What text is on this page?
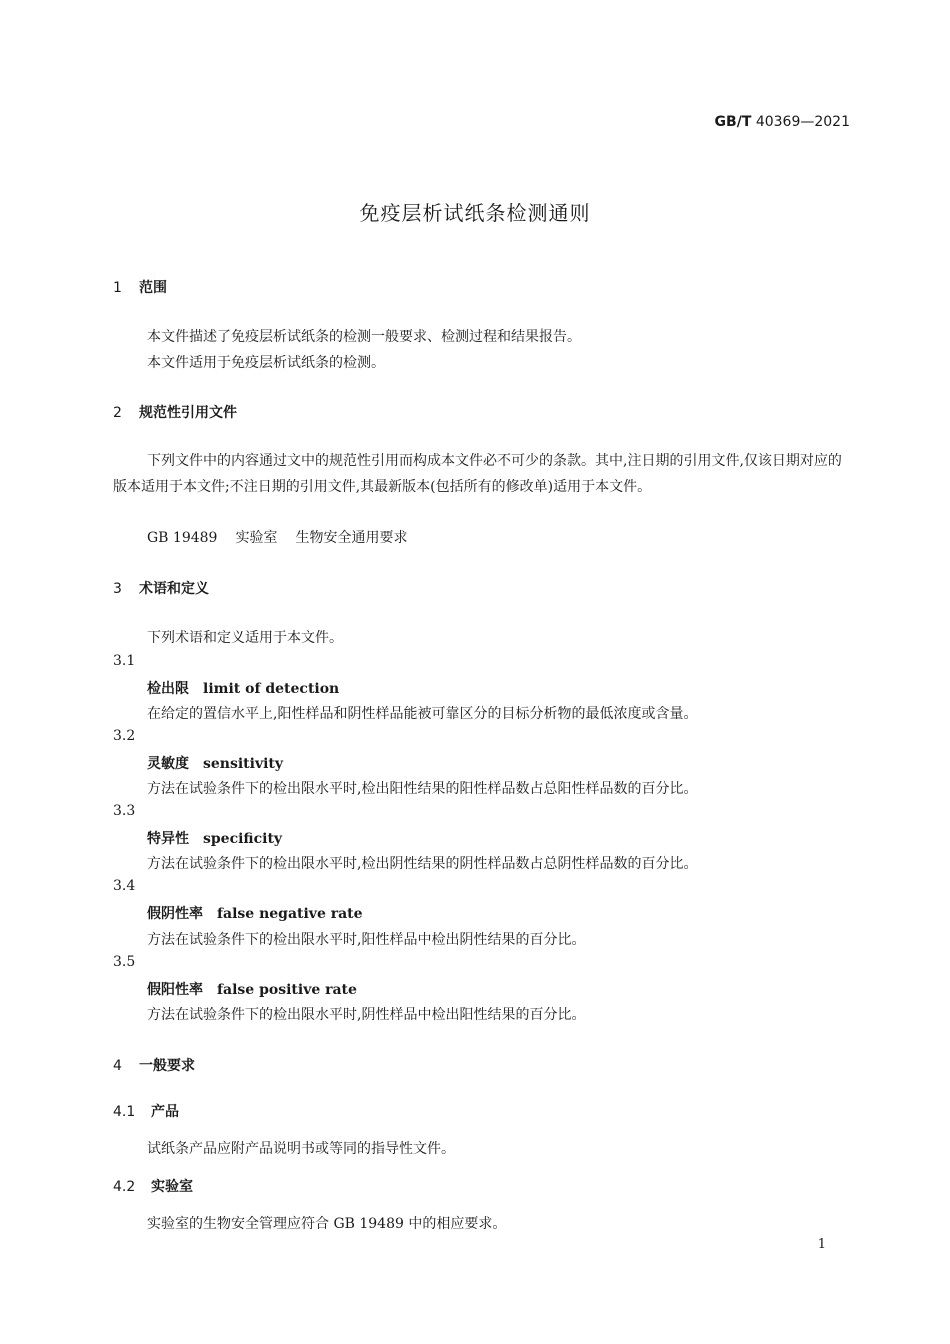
GB/T 40369—2021
免疫层析试纸条检测通则
1 范围
本文件描述了免疫层析试纸条的检测一般要求、检测过程和结果报告。
本文件适用于免疫层析试纸条的检测。
2 规范性引用文件
下列文件中的内容通过文中的规范性引用而构成本文件必不可少的条款。其中,注日期的引用文件,仅该日期对应的版本适用于本文件;不注日期的引用文件,其最新版本(包括所有的修改单)适用于本文件。
GB 19489 实验室 生物安全通用要求
3 术语和定义
下列术语和定义适用于本文件。
3.1
检出限 limit of detection
在给定的置信水平上,阳性样品和阴性样品能被可靠区分的目标分析物的最低浓度或含量。
3.2
灵敏度 sensitivity
方法在试验条件下的检出限水平时,检出阳性结果的阳性样品数占总阳性样品数的百分比。
3.3
特异性 specificity
方法在试验条件下的检出限水平时,检出阴性结果的阴性样品数占总阴性样品数的百分比。
3.4
假阴性率 false negative rate
方法在试验条件下的检出限水平时,阳性样品中检出阴性结果的百分比。
3.5
假阳性率 false positive rate
方法在试验条件下的检出限水平时,阴性样品中检出阳性结果的百分比。
4 一般要求
4.1 产品
试纸条产品应附产品说明书或等同的指导性文件。
4.2 实验室
实验室的生物安全管理应符合 GB 19489 中的相应要求。
1
